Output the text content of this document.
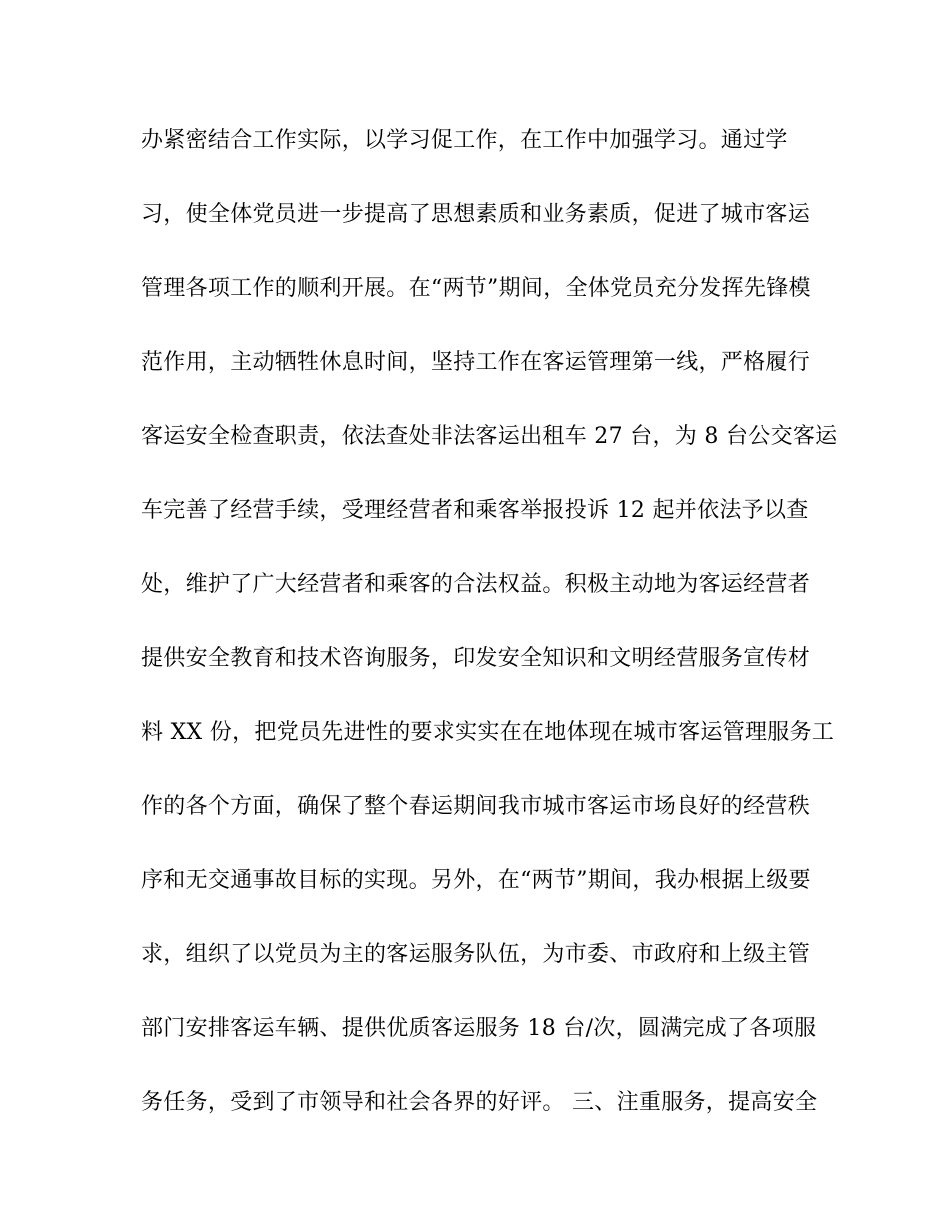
办紧密结合工作实际，以学习促工作，在工作中加强学习。通过学
习，使全体党员进一步提高了思想素质和业务素质，促进了城市客运
管理各项工作的顺利开展。在“两节”期间，全体党员充分发挥先锋模
范作用，主动牺牲休息时间，坚持工作在客运管理第一线，严格履行
客运安全检查职责，依法查处非法客运出租车 27 台，为 8 台公交客运
车完善了经营手续，受理经营者和乘客举报投诉 12 起并依法予以查
处，维护了广大经营者和乘客的合法权益。积极主动地为客运经营者
提供安全教育和技术咨询服务，印发安全知识和文明经营服务宣传材
料 XX 份，把党员先进性的要求实实在在地体现在城市客运管理服务工
作的各个方面，确保了整个春运期间我市城市客运市场良好的经营秩
序和无交通事故目标的实现。另外，在“两节”期间，我办根据上级要
求，组织了以党员为主的客运服务队伍，为市委、市政府和上级主管
部门安排客运车辆、提供优质客运服务 18 台/次，圆满完成了各项服
务任务，受到了市领导和社会各界的好评。 三、注重服务，提高安全
